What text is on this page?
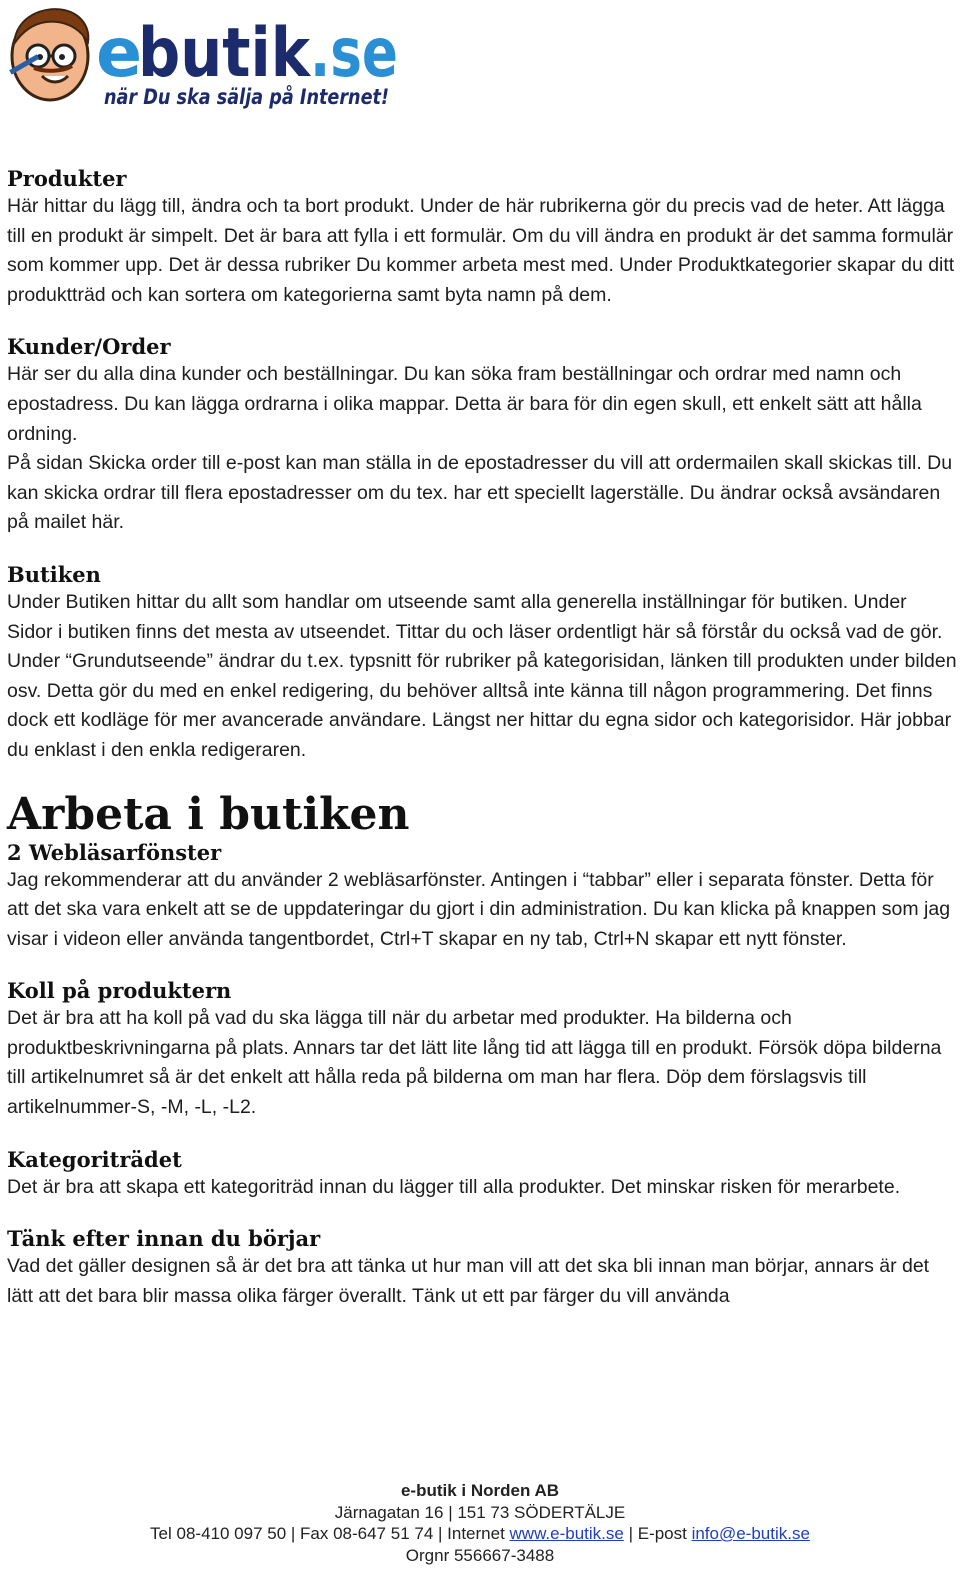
e
butik
.se
när Du ska sälja på Internet!
Produkter

Här hittar du lägg till, ändra och ta bort produkt. Under de här rubrikerna gör du precis vad de heter. Att lägga till en produkt är simpelt. Det är bara att fylla i ett formulär. Om du vill ändra en produkt är det samma formulär som kommer upp. Det är dessa rubriker Du kommer arbeta mest med. Under Produktkategorier skapar du ditt produktträd och kan sortera om kategorierna samt byta namn på dem.

Kunder/Order

Här ser du alla dina kunder och beställningar. Du kan söka fram beställningar och ordrar med namn och epostadress. Du kan lägga ordrarna i olika mappar. Detta är bara för din egen skull, ett enkelt sätt att hålla ordning.

På sidan Skicka order till e-post kan man ställa in de epostadresser du vill att ordermailen skall skickas till. Du kan skicka ordrar till flera epostadresser om du tex. har ett speciellt lagerställe. Du ändrar också avsändaren på mailet här.

Butiken

Under Butiken hittar du allt som handlar om utseende samt alla generella inställningar för butiken. Under Sidor i butiken finns det mesta av utseendet. Tittar du och läser ordentligt här så förstår du också vad de gör. Under “Grundutseende” ändrar du t.ex. typsnitt för rubriker på kategorisidan, länken till produkten under bilden osv. Detta gör du med en enkel redigering, du behöver alltså inte känna till någon programmering. Det finns dock ett kodläge för mer avancerade användare. Längst ner hittar du egna sidor och kategorisidor. Här jobbar du enklast i den enkla redigeraren.

Arbeta i butiken
2 Webläsarfönster

Jag rekommenderar att du använder 2 webläsarfönster. Antingen i “tabbar” eller i separata fönster. Detta för att det ska vara enkelt att se de uppdateringar du gjort i din administration. Du kan klicka på knappen som jag visar i videon eller använda tangentbordet, Ctrl+T skapar en ny tab, Ctrl+N skapar ett nytt fönster.

Koll på produktern

Det är bra att ha koll på vad du ska lägga till när du arbetar med produkter. Ha bilderna och produktbeskrivningarna på plats. Annars tar det lätt lite lång tid att lägga till en produkt. Försök döpa bilderna till artikelnumret så är det enkelt att hålla reda på bilderna om man har flera. Döp dem förslagsvis till artikelnummer-S, -M, -L, -L2.

Kategoriträdet

Det är bra att skapa ett kategoriträd innan du lägger till alla produkter. Det minskar risken för merarbete.

Tänk efter innan du börjar

Vad det gäller designen så är det bra att tänka ut hur man vill att det ska bli innan man börjar, annars är det lätt att det bara blir massa olika färger överallt. Tänk ut ett par färger du vill använda

e-butik i Norden AB
Järnagatan 16 | 151 73 SÖDERTÄLJE
Tel 08-410 097 50 | Fax 08-647 51 74 | Internet www.e-butik.se | E-post info@e-butik.se
Orgnr 556667-3488
